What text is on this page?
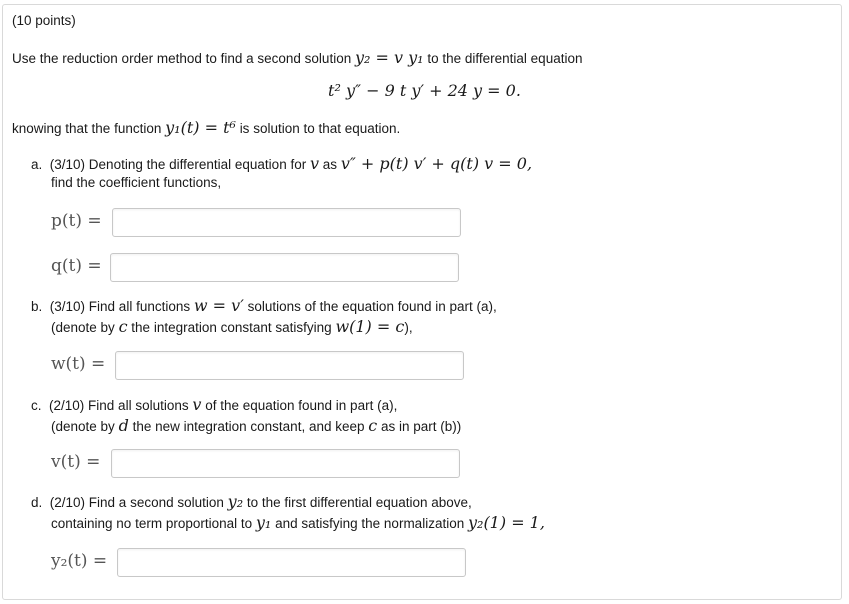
(10 points)
Use the reduction order method to find a second solution y₂ = v y₁ to the differential equation
t² y″ − 9 t y′ + 24 y = 0.
knowing that the function y₁(t) = t⁶ is solution to that equation.
a. (3/10) Denoting the differential equation for v as v″ + p(t) v′ + q(t) v = 0,
find the coefficient functions,
p(t) =
q(t) =
b. (3/10) Find all functions w = v′ solutions of the equation found in part (a),
(denote by c the integration constant satisfying w(1) = c),
w(t) =
c. (2/10) Find all solutions v of the equation found in part (a),
(denote by d the new integration constant, and keep c as in part (b))
v(t) =
d. (2/10) Find a second solution y₂ to the first differential equation above,
containing no term proportional to y₁ and satisfying the normalization y₂(1) = 1,
y₂(t) =
